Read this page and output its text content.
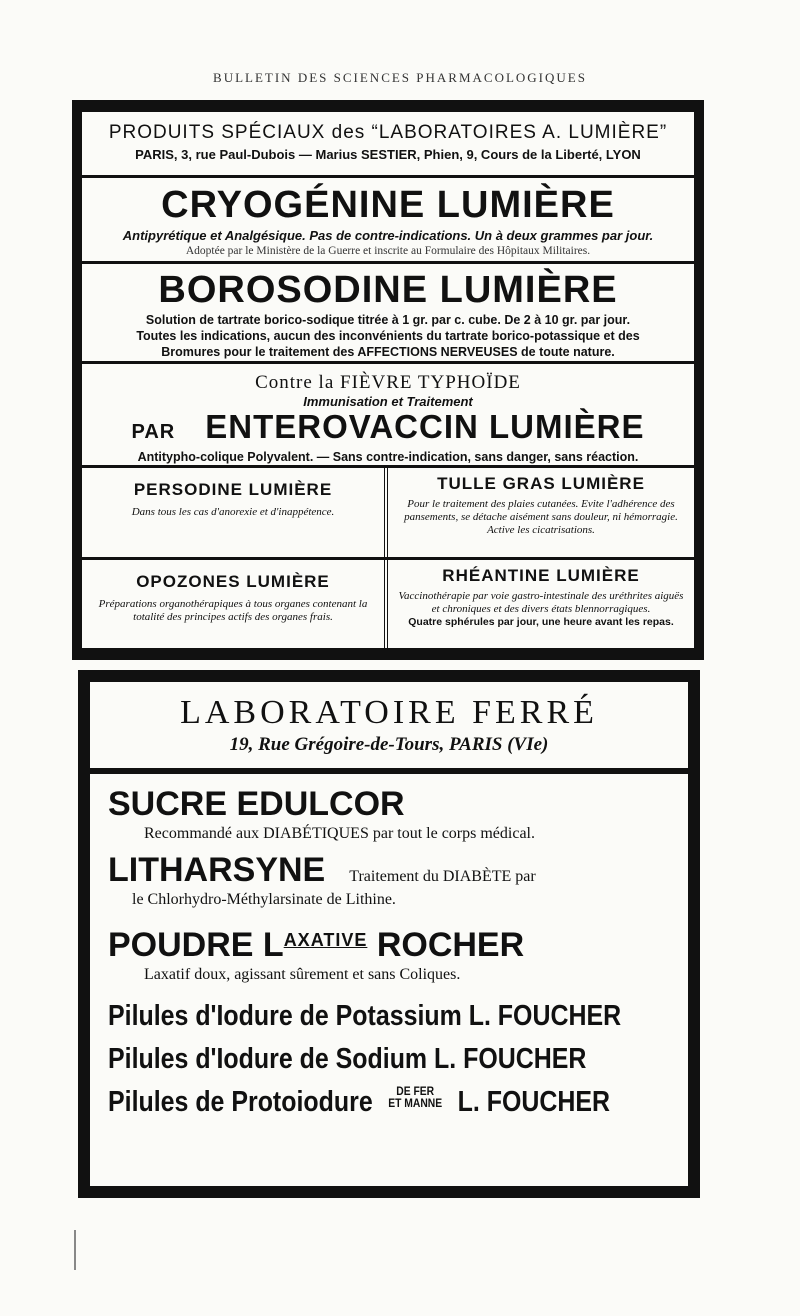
BULLETIN DES SCIENCES PHARMACOLOGIQUES
PRODUITS SPÉCIAUX des “LABORATOIRES A. LUMIÈRE”
PARIS, 3, rue Paul-Dubois — Marius SESTIER, Phien, 9, Cours de la Liberté, LYON
CRYOGÉNINE LUMIÈRE
Antipyrétique et Analgésique. Pas de contre-indications. Un à deux grammes par jour.
Adoptée par le Ministère de la Guerre et inscrite au Formulaire des Hôpitaux Militaires.
BOROSODINE LUMIÈRE
Solution de tartrate borico-sodique titrée à 1 gr. par c. cube. De 2 à 10 gr. par jour.
Toutes les indications, aucun des inconvénients du tartrate borico-potassique et des
Bromures pour le traitement des AFFECTIONS NERVEUSES de toute nature.
Contre la FIÈVRE TYPHOÏDE
Immunisation et Traitement
PAR ENTEROVACCIN LUMIÈRE
Antitypho-colique Polyvalent. — Sans contre-indication, sans danger, sans réaction.
PERSODINE LUMIÈRE
Dans tous les cas d'anorexie et d'inappétence.
TULLE GRAS LUMIÈRE
Pour le traitement des plaies cutanées. Evite l'adhérence des pansements, se détache aisément sans douleur, ni hémorragie. Active les cicatrisations.
OPOZONES LUMIÈRE
Préparations organothérapiques à tous organes contenant la totalité des principes actifs des organes frais.
RHÉANTINE LUMIÈRE
Vaccinothérapie par voie gastro-intestinale des uréthrites aiguës et chroniques et des divers états blennorragiques.
Quatre sphérules par jour, une heure avant les repas.
LABORATOIRE FERRÉ
19, Rue Grégoire-de-Tours, PARIS (VIe)
SUCRE EDULCOR
Recommandé aux DIABÉTIQUES par tout le corps médical.
LITHARSYNE Traitement du DIABÈTE par
le Chlorhydro-Méthylarsinate de Lithine.
POUDRE $L^{AXATIVE}$ ROCHER
Laxatif doux, agissant sûrement et sans Coliques.
Pilules d'Iodure de Potassium L. FOUCHER
Pilules d'Iodure de Sodium L. FOUCHER
Pilules de Protoiodure DE FER
ET MANNE L. FOUCHER
